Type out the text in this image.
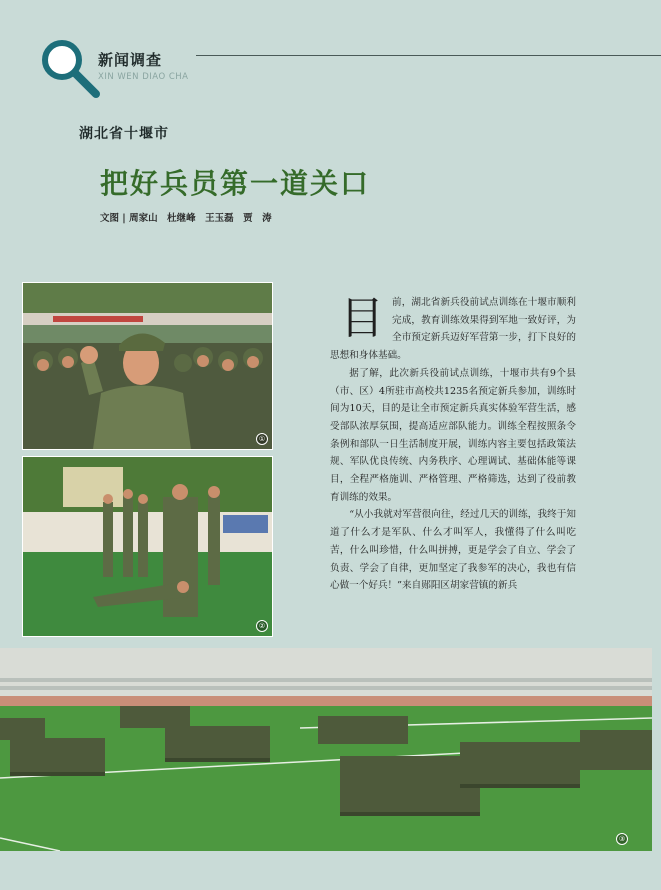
新闻调查

XIN WEN DIAO CHA

湖北省十堰市
把好兵员第一道关口

文图 | 周家山　杜继峰　王玉磊　贾　涛

①
②
目 前，湖北省新兵役前试点训练在十堰市顺利完成，教育训练效果得到军地一致好评，为全市预定新兵迈好军营第一步，打下良好的思想和身体基础。

据了解，此次新兵役前试点训练，十堰市共有9个县（市、区）4所驻市高校共1235名预定新兵参加，训练时间为10天，目的是让全市预定新兵真实体验军营生活，感受部队浓厚氛围，提高适应部队能力。训练全程按照条令条例和部队一日生活制度开展，训练内容主要包括政策法规、军队优良传统、内务秩序、心理调试、基础体能等课目，全程严格施训、严格管理、严格筛选，达到了役前教育训练的效果。

“从小我就对军营很向往，经过几天的训练，我终于知道了什么才是军队、什么才叫军人，我懂得了什么叫吃苦，什么叫珍惜，什么叫拼搏，更是学会了自立、学会了负责、学会了自律，更加坚定了我参军的决心，我也有信心做一个好兵！”来自郧阳区胡家营镇的新兵

③
